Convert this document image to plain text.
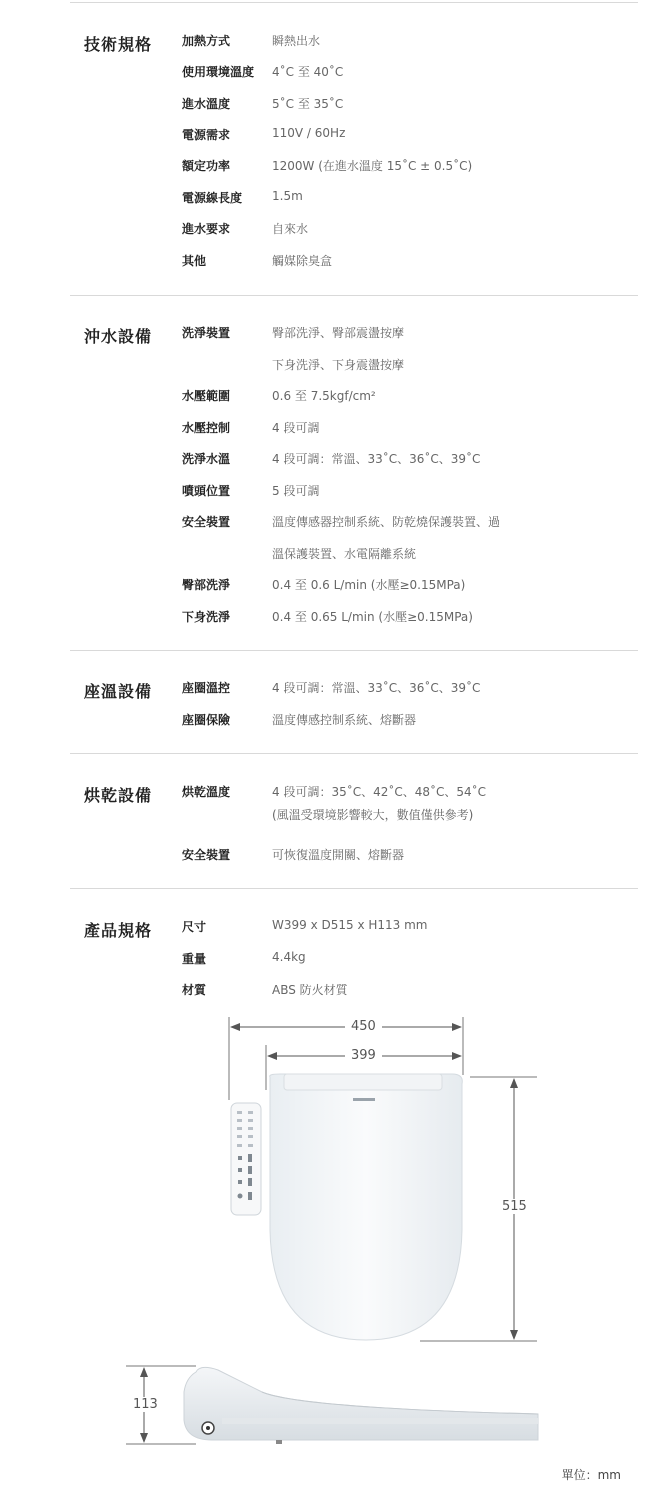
技術規格 加熱方式	瞬熱出水
使用環境溫度 4˚C 至 40˚C
進水溫度	5˚C 至 35˚C
電源需求	110V / 60Hz
額定功率	1200W (在進水溫度 15˚C ± 0.5˚C)
電源線長度 1.5m
進水要求	自來水
其他	觸媒除臭盒
沖水設備 洗淨裝置	臀部洗淨、臀部震盪按摩
下身洗淨、下身震盪按摩
水壓範圍	0.6 至 7.5kgf/cm²
水壓控制	4 段可調
洗淨水溫	4 段可調：常溫、33˚C、36˚C、39˚C
噴頭位置	5 段可調
安全裝置	溫度傳感器控制系統、防乾燒保護裝置、過
溫保護裝置、水電隔離系統
臀部洗淨	0.4 至 0.6 L/min (水壓≥0.15MPa)
下身洗淨	0.4 至 0.65 L/min (水壓≥0.15MPa)
座溫設備 座圈溫控	4 段可調：常溫、33˚C、36˚C、39˚C
座圈保險	溫度傳感控制系統、熔斷器
烘乾設備 烘乾溫度	4 段可調：35˚C、42˚C、48˚C、54˚C
(風溫受環境影響較大，數值僅供參考)
安全裝置	可恢復溫度開關、熔斷器
產品規格 尺寸	W399 x D515 x H113 mm
重量	4.4kg
材質	ABS 防火材質
450
399
515
113
單位：mm
